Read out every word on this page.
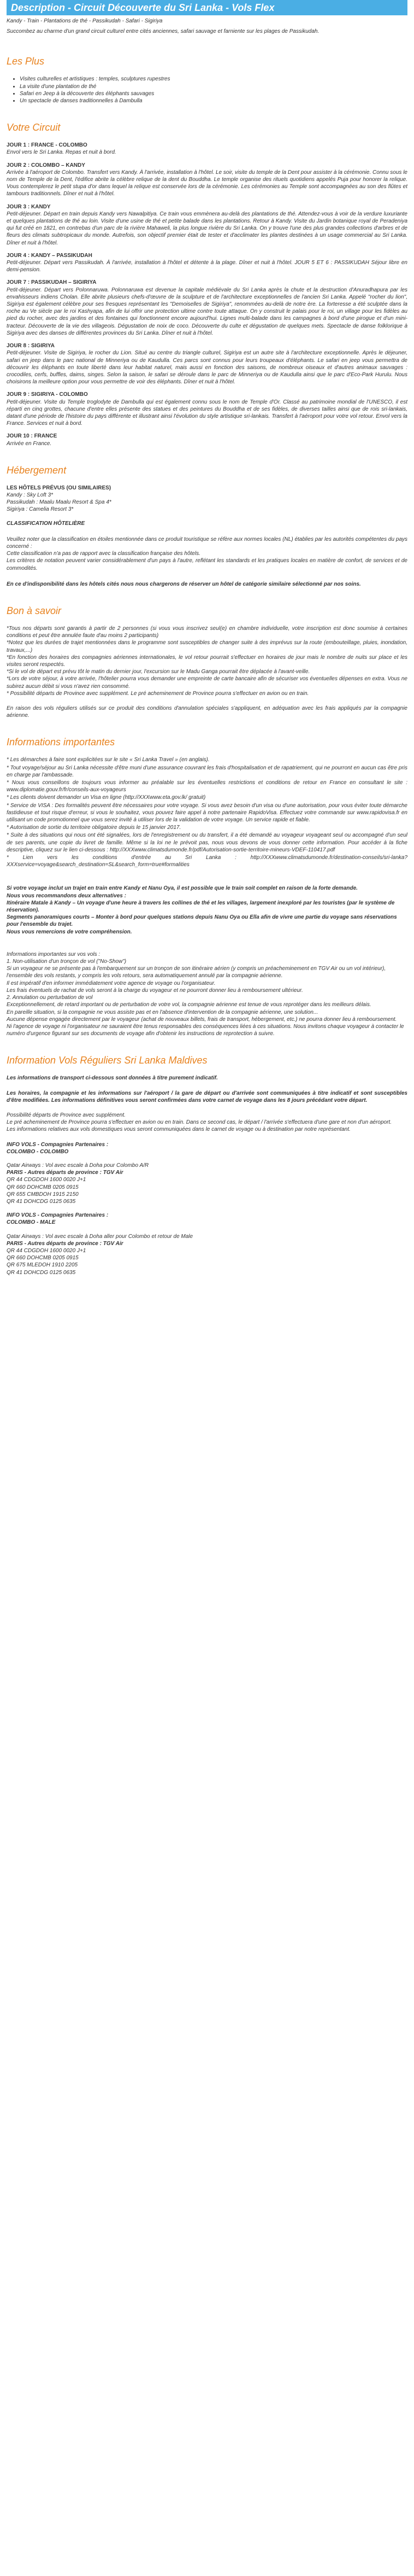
Description - Circuit Découverte du Sri Lanka - Vols Flex
Kandy - Train - Plantations de thé - Passikudah - Safari - Sigiriya
Succombez au charme d'un grand circuit culturel entre cités anciennes, safari sauvage et farniente sur les plages de Passikudah.
Les Plus
• Visites culturelles et artistiques : temples, sculptures rupestres
• La visite d'une plantation de thé
• Safari en Jeep à la découverte des éléphants sauvages
• Un spectacle de danses traditionnelles à Dambulla
Votre Circuit
JOUR 1 : FRANCE - COLOMBO
Envol vers le Sri Lanka. Repas et nuit à bord.
JOUR 2 : COLOMBO – KANDY
Arrivée à l'aéroport de Colombo. Transfert vers Kandy. À l'arrivée, installation à l'hôtel. Le soir, visite du temple de la Dent pour assister à la cérémonie. Connu sous le nom de Temple de la Dent, l'édifice abrite la célèbre relique de la dent du Bouddha. Le temple organise des rituels quotidiens appelés Puja pour honorer la relique. Vous contemplerez le petit stupa d'or dans lequel la relique est conservée lors de la cérémonie. Les cérémonies au Temple sont accompagnées au son des flûtes et tambours traditionnels. Dîner et nuit à l'hôtel.
JOUR 3 : KANDY
Petit-déjeuner. Départ en train depuis Kandy vers Nawalpitiya. Ce train vous emmènera au-delà des plantations de thé. Attendez-vous à voir de la verdure luxuriante et quelques plantations de thé au loin. Visite d'une usine de thé et petite balade dans les plantations. Retour à Kandy. Visite du Jardin botanique royal de Peradeniya qui fut créé en 1821, en contrebas d'un parc de la rivière Mahaweli, la plus longue rivière du Sri Lanka. On y trouve l'une des plus grandes collections d'arbres et de fleurs des climats subtropicaux du monde. Autrefois, son objectif premier était de tester et d'acclimater les plantes destinées à un usage commercial au Sri Lanka. Dîner et nuit à l'hôtel.
JOUR 4 : KANDY – PASSIKUDAH
Petit-déjeuner. Départ vers Passikudah. À l'arrivée, installation à l'hôtel et détente à la plage. Dîner et nuit à l'hôtel. JOUR 5 ET 6 : PASSIKUDAH Séjour libre en demi-pension.
JOUR 7 : PASSIKUDAH – SIGIRIYA
Petit-déjeuner. Départ vers Polonnaruwa. Polonnaruwa est devenue la capitale médiévale du Sri Lanka après la chute et la destruction d'Anuradhapura par les envahisseurs indiens Cholan. Elle abrite plusieurs chefs-d'œuvre de la sculpture et de l'architecture exceptionnelles de l'ancien Sri Lanka. Appelé "rocher du lion", Sigiriya est également célèbre pour ses fresques représentant les "Demoiselles de Sigiriya", renommées au-delà de notre ère. La forteresse a été sculptée dans la roche au Ve siècle par le roi Kashyapa, afin de lui offrir une protection ultime contre toute attaque. On y construit le palais pour le roi, un village pour les fidèles au pied du rocher, avec des jardins et des fontaines qui fonctionnent encore aujourd'hui. Lignes multi-balade dans les campagnes à bord d'une pirogue et d'un mini-tracteur. Découverte de la vie des villageois. Dégustation de noix de coco. Découverte du culte et dégustation de quelques mets. Spectacle de danse folklorique à Sigiriya avec des danses de différentes provinces du Sri Lanka. Dîner et nuit à l'hôtel.
JOUR 8 : SIGIRIYA
Petit-déjeuner. Visite de Sigiriya, le rocher du Lion. Situé au centre du triangle culturel, Sigiriya est un autre site à l'architecture exceptionnelle. Après le déjeuner, safari en jeep dans le parc national de Minneriya ou de Kaudulla. Ces parcs sont connus pour leurs troupeaux d'éléphants. Le safari en jeep vous permettra de découvrir les éléphants en toute liberté dans leur habitat naturel, mais aussi en fonction des saisons, de nombreux oiseaux et d'autres animaux sauvages : crocodiles, cerfs, buffles, daims, singes. Selon la saison, le safari se déroule dans le parc de Minneriya ou de Kaudulla ainsi que le parc d'Eco-Park Hurulu. Nous choisirons la meilleure option pour vous permettre de voir des éléphants. Dîner et nuit à l'hôtel.
JOUR 9 : SIGIRIYA - COLOMBO
Petit-déjeuner. Visite du Temple troglodyte de Dambulla qui est également connu sous le nom de Temple d'Or. Classé au patrimoine mondial de l'UNESCO, il est réparti en cinq grottes, chacune d'entre elles présente des statues et des peintures du Bouddha et de ses fidèles, de diverses tailles ainsi que de rois sri-lankais, datant d'une période de l'histoire du pays différente et illustrant ainsi l'évolution du style artistique sri-lankais. Transfert à l'aéroport pour votre vol retour. Envol vers la France. Services et nuit à bord.
JOUR 10 : FRANCE
Arrivée en France.
Hébergement
LES HÔTELS PRÉVUS (OU SIMILAIRES)
Kandy : Sky Loft 3*
Passikudah : Maalu Maalu Resort & Spa 4*
Sigiriya : Camelia Resort 3*
CLASSIFICATION HÔTELIÈRE
Veuillez noter que la classification en étoiles mentionnée dans ce produit touristique se réfère aux normes locales (NL) établies par les autorités compétentes du pays concerné :
Cette classification n'a pas de rapport avec la classification française des hôtels.
Les critères de notation peuvent varier considérablement d'un pays à l'autre, reflétant les standards et les pratiques locales en matière de confort, de services et de commodités.
En ce d'indisponibilité dans les hôtels cités nous nous chargerons de réserver un hôtel de catégorie similaire sélectionné par nos soins.
Bon à savoir

*Tous nos départs sont garantis à partir de 2 personnes (si vous vous inscrivez seul(e) en chambre individuelle, votre inscription est donc soumise à certaines conditions et peut être annulée faute d'au moins 2 participants)

*Notez que les durées de trajet mentionnées dans le programme sont susceptibles de changer suite à des imprévus sur la route (embouteillage, pluies, inondation, travaux,...)

*En fonction des horaires des compagnies aériennes internationales, le vol retour pourrait s'effectuer en horaires de jour mais le nombre de nuits sur place et les visites seront respectés.

*Si le vol de départ est prévu tôt le matin du dernier jour, l'excursion sur le Madu Ganga pourrait être déplacée à l'avant-veille.

*Lors de votre séjour, à votre arrivée, l'hôtelier pourra vous demander une empreinte de carte bancaire afin de sécuriser vos éventuelles dépenses en extra. Vous ne subirez aucun débit si vous n'avez rien consommé.

* Possibilité départs de Province avec supplément. Le pré acheminement de Province pourra s'effectuer en avion ou en train.

En raison des vols réguliers utilisés sur ce produit des conditions d'annulation spéciales s'appliquent, en adéquation avec les frais appliqués par la compagnie aérienne.

Informations importantes

* Les démarches à faire sont explicitées sur le site « Sri Lanka Travel » (en anglais).

* Tout voyage/séjour au Sri Lanka nécessite d'être muni d'une assurance couvrant les frais d'hospitalisation et de rapatriement, qui ne pourront en aucun cas être pris en charge par l'ambassade.

* Nous vous conseillons de toujours vous informer au préalable sur les éventuelles restrictions et conditions de retour en France en consultant le site : www.diplomatie.gouv.fr/fr/conseils-aux-voyageurs

* Les clients doivent demander un Visa en ligne (http://XXXwww.eta.gov.lk/ gratuit)

* Service de VISA : Des formalités peuvent être nécessaires pour votre voyage. Si vous avez besoin d'un visa ou d'une autorisation, pour vous éviter toute démarche fastidieuse et tout risque d'erreur, si vous le souhaitez, vous pouvez faire appel à notre partenaire RapidoVisa. Effectuez votre commande sur www.rapidovisa.fr en utilisant un code promotionnel que vous serez invité à utiliser lors de la validation de votre voyage. Un service rapide et fiable.

* Autorisation de sortie du territoire obligatoire depuis le 15 janvier 2017.

* Suite à des situations qui nous ont été signalées, lors de l'enregistrement ou du transfert, il a été demandé au voyageur voyageant seul ou accompagné d'un seul de ses parents, une copie du livret de famille. Même si la loi ne le prévoit pas, nous vous devons de vous donner cette information. Pour accéder à la fiche descriptive, cliquez sur le lien ci-dessous : http://XXXwww.climatsdumonde.fr/pdf/Autorisation-sortie-territoire-mineurs-VDEF-110417.pdf

* Lien vers les conditions d'entrée au Sri Lanka : http://XXXwww.climatsdumonde.fr/destination-conseils/sri-lanka?XXXservice=voyage&search_destination=SL&search_form=true#formalities

Si votre voyage inclut un trajet en train entre Kandy et Nanu Oya, il est possible que le train soit complet en raison de la forte demande.
Nous vous recommandons deux alternatives :
Itinéraire Matale à Kandy – Un voyage d'une heure à travers les collines de thé et les villages, largement inexploré par les touristes (par le système de réservation).
Segments panoramiques courts – Monter à bord pour quelques stations depuis Nanu Oya ou Ella afin de vivre une partie du voyage sans réservations pour l'ensemble du trajet.
Nous vous remercions de votre compréhension.
Informations importantes sur vos vols :

1. Non-utilisation d'un tronçon de vol ("No-Show")

Si un voyageur ne se présente pas à l'embarquement sur un tronçon de son itinéraire aérien (y compris un préacheminement en TGV Air ou un vol intérieur), l'ensemble des vols restants, y compris les vols retours, sera automatiquement annulé par la compagnie aérienne.

Il est impératif d'en informer immédiatement votre agence de voyage ou l'organisateur.

Les frais éventuels de rachat de vols seront à la charge du voyageur et ne pourront donner lieu à remboursement ultérieur.

2. Annulation ou perturbation de vol

Exceptionnellement, de retard important ou de perturbation de votre vol, la compagnie aérienne est tenue de vous reprotéger dans les meilleurs délais.

En pareille situation, si la compagnie ne vous assiste pas et en l'absence d'intervention de la compagnie aérienne, une solution...

Aucune dépense engagée directement par le voyageur (achat de nouveaux billets, frais de transport, hébergement, etc.) ne pourra donner lieu à remboursement.

Ni l'agence de voyage ni l'organisateur ne sauraient être tenus responsables des conséquences liées à ces situations. Nous invitons chaque voyageur à contacter le numéro d'urgence figurant sur ses documents de voyage afin d'obtenir les instructions de reprotection à suivre.

Information Vols Réguliers Sri Lanka Maldives
Les informations de transport ci-dessous sont données à titre purement indicatif.
Les horaires, la compagnie et les informations sur l'aéroport / la gare de départ ou d'arrivée sont communiquées à titre indicatif et sont susceptibles d'être modifiées. Les informations définitives vous seront confirmées dans votre carnet de voyage dans les 8 jours précédant votre départ.
Possibilité départs de Province avec supplément.
Le pré acheminement de Province pourra s'effectuer en avion ou en train. Dans ce second cas, le départ / l'arrivée s'effectuera d'une gare et non d'un aéroport.
Les informations relatives aux vols domestiques vous seront communiquées dans le carnet de voyage ou à destination par notre représentant.

INFO VOLS - Compagnies Partenaires :

COLOMBO - COLOMBO

Qatar Airways : Vol avec escale à Doha pour Colombo A/R

PARIS - Autres départs de province : TGV Air

QR 44 CDGDOH 1600 0020 J+1

QR 660 DOHCMB 0205 0915

QR 655 CMBDOH 1915 2150

QR 41 DOHCDG 0125 0635

INFO VOLS - Compagnies Partenaires :

COLOMBO - MALE

Qatar Airways : Vol avec escale à Doha aller pour Colombo et retour de Male

PARIS - Autres départs de province : TGV Air

QR 44 CDGDOH 1600 0020 J+1

QR 660 DOHCMB 0205 0915

QR 675 MLEDOH 1910 2205

QR 41 DOHCDG 0125 0635
